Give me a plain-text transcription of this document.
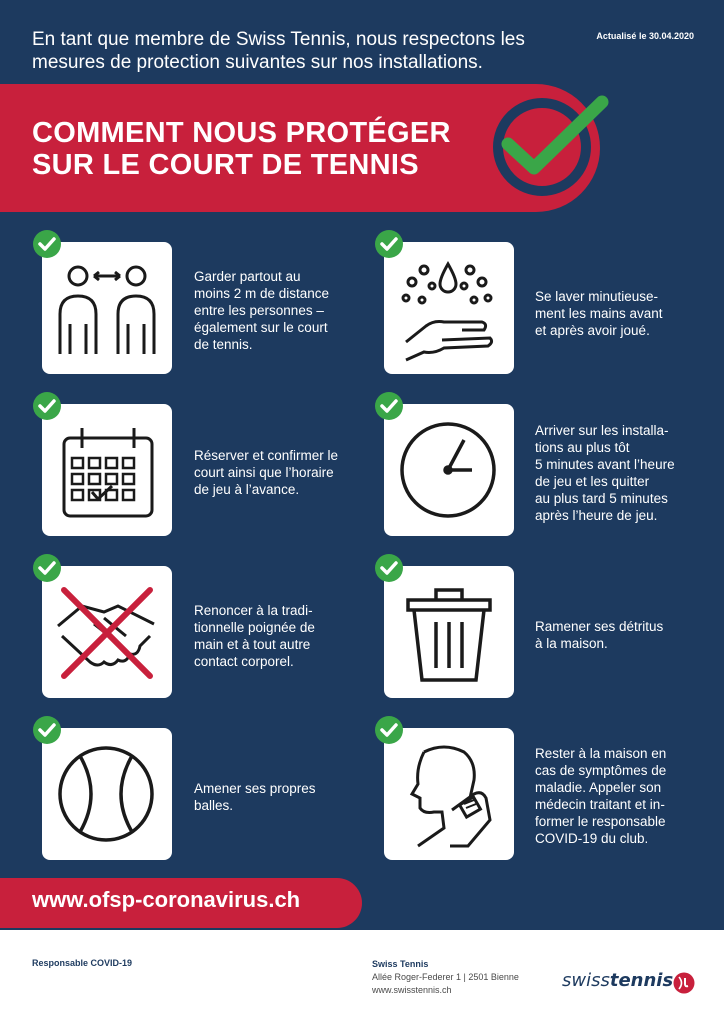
En tant que membre de Swiss Tennis, nous respectons les mesures de protection suivantes sur nos installations.
Actualisé le 30.04.2020
COMMENT NOUS PROTÉGER
SUR LE COURT DE TENNIS
Garder partout au
moins 2 m de distance
entre les personnes –
également sur le court
de tennis.
Se laver minutieuse-
ment les mains avant
et après avoir joué.
Réserver et confirmer le
court ainsi que l’horaire
de jeu à l’avance.
Arriver sur les installa-
tions au plus tôt
5 minutes avant l’heure
de jeu et les quitter
au plus tard 5 minutes
après l’heure de jeu.
Renoncer à la tradi-
tionnelle poignée de
main et à tout autre
contact corporel.
Ramener ses détritus
à la maison.
Amener ses propres
balles.
Rester à la maison en
cas de symptômes de
maladie. Appeler son
médecin traitant et in-
former le responsable
COVID-19 du club.
www.ofsp-coronavirus.ch
Responsable COVID-19	Swiss Tennis
Allée Roger-Federer 1 | 2501 Bienne
www.swisstennis.ch	swisstennis
